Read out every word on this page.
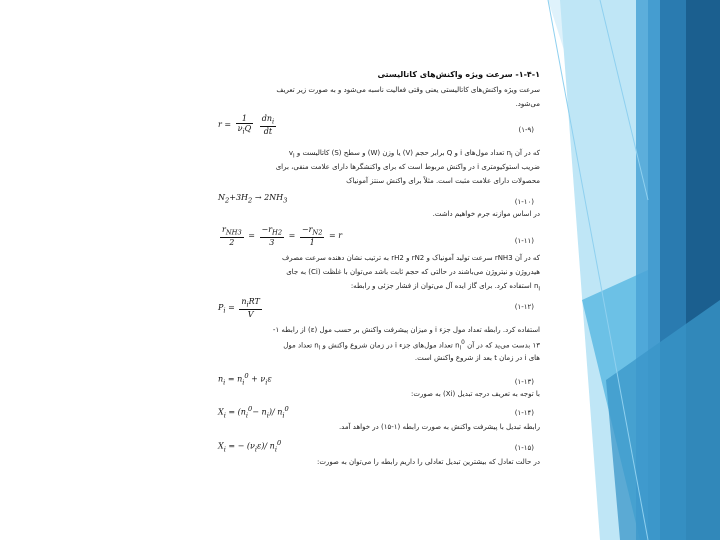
۱-۴-۱- سرعت ویژه واکنش‌های کاتالیستی
سرعت ویژه واکنش‌های کاتالیستی یعنی وقتی فعالیت ناسبه می‌شود و به صورت زیر تعریف
می‌شود.
$r = \frac{1}{\nu_iQ}$
$\frac{dn_i}{dt}$	(۱-۹)
که در آن $n_i$ تعداد مول‌های i و Q برابر حجم (V) یا وزن (W) و سطح (S) کاتالیست و $v_i$
ضریب استوکیومتری i در واکنش مربوط است که برای واکنشگرها دارای علامت منفی، برای
محصولات دارای علامت مثبت است. مثلاً برای واکنش سنتز آمونیاک
$N_2+3H_2 \to 2NH_3$	(۱-۱۰)
در اساس موازنه جرم خواهیم داشت.
$\frac{r_{NH3}}{2} = \frac{-r_{H2}}{3} = \frac{-r_{N2}}{1} = r$
(۱-۱۱)
که در آن rNH3 سرعت تولید آمونیاک و rN2 و rH2 به ترتیب نشان دهنده سرعت مصرف
هیدروژن و نیتروژن می‌باشند در حالتی که حجم ثابت باشد می‌توان با غلظت (Ci) به جای
$n_i$ استفاده کرد. برای گاز ایده آل می‌توان از فشار جزئی و رابطه:
$P_i = \frac{n_iRT}{V}$	(۱-۱۲)
استفاده کرد. رابطه تعداد مول جزء i و میزان پیشرفت واکنش بر حسب مول (ε) از رابطه ۱-
۱۳ بدست می‌ید که در آن $n_i^0$ تعداد مول‌های جزء i در زمان شروع واکنش و $n_i$ تعداد مول
های i در زمان t بعد از شروع واکنش است.
$n_i = n_i^0 + \nu_i\varepsilon$	(۱-۱۳)
با توجه به تعریف درجه تبدیل (Xi) به صورت:
$X_i = (n_i^0- n_i)/$ $n_i^0$	(۱-۱۴)
رابطه تبدیل با پیشرفت واکنش به صورت رابطه (۱-۱۵) در خواهد آمد.
$X_i$ = − $(\nu_i\varepsilon)/$ $n_i^0$
(۱-۱۵)
در حالت تعادل که بیشترین تبدیل تعادلی را داریم رابطه را می‌توان به صورت:
